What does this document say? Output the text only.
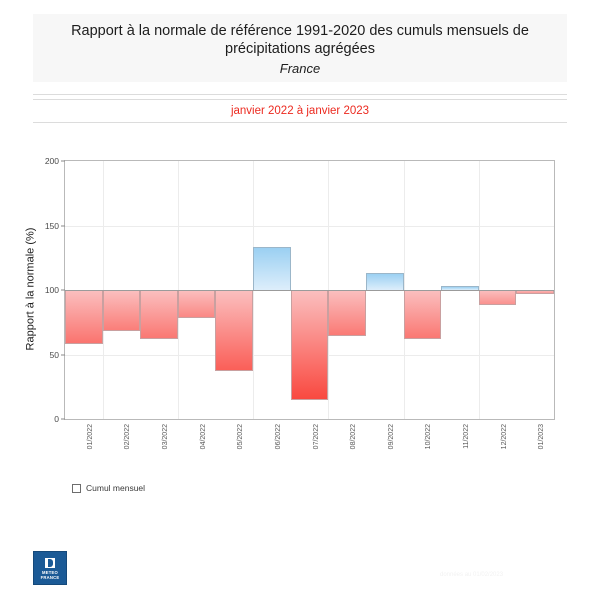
Rapport à la normale de référence 1991-2020 des cumuls mensuels de précipitations agrégées
France
janvier 2022 à janvier 2023
Rapport à la normale (%)
0
50
100
150
200
01/2022	02/2022	03/2022	04/2022	05/2022	06/2022	07/2022	08/2022	09/2022	10/2022	11/2022	12/2022	01/2023
Cumul mensuel
METEO
FRANCE	données au 01/02/2023
